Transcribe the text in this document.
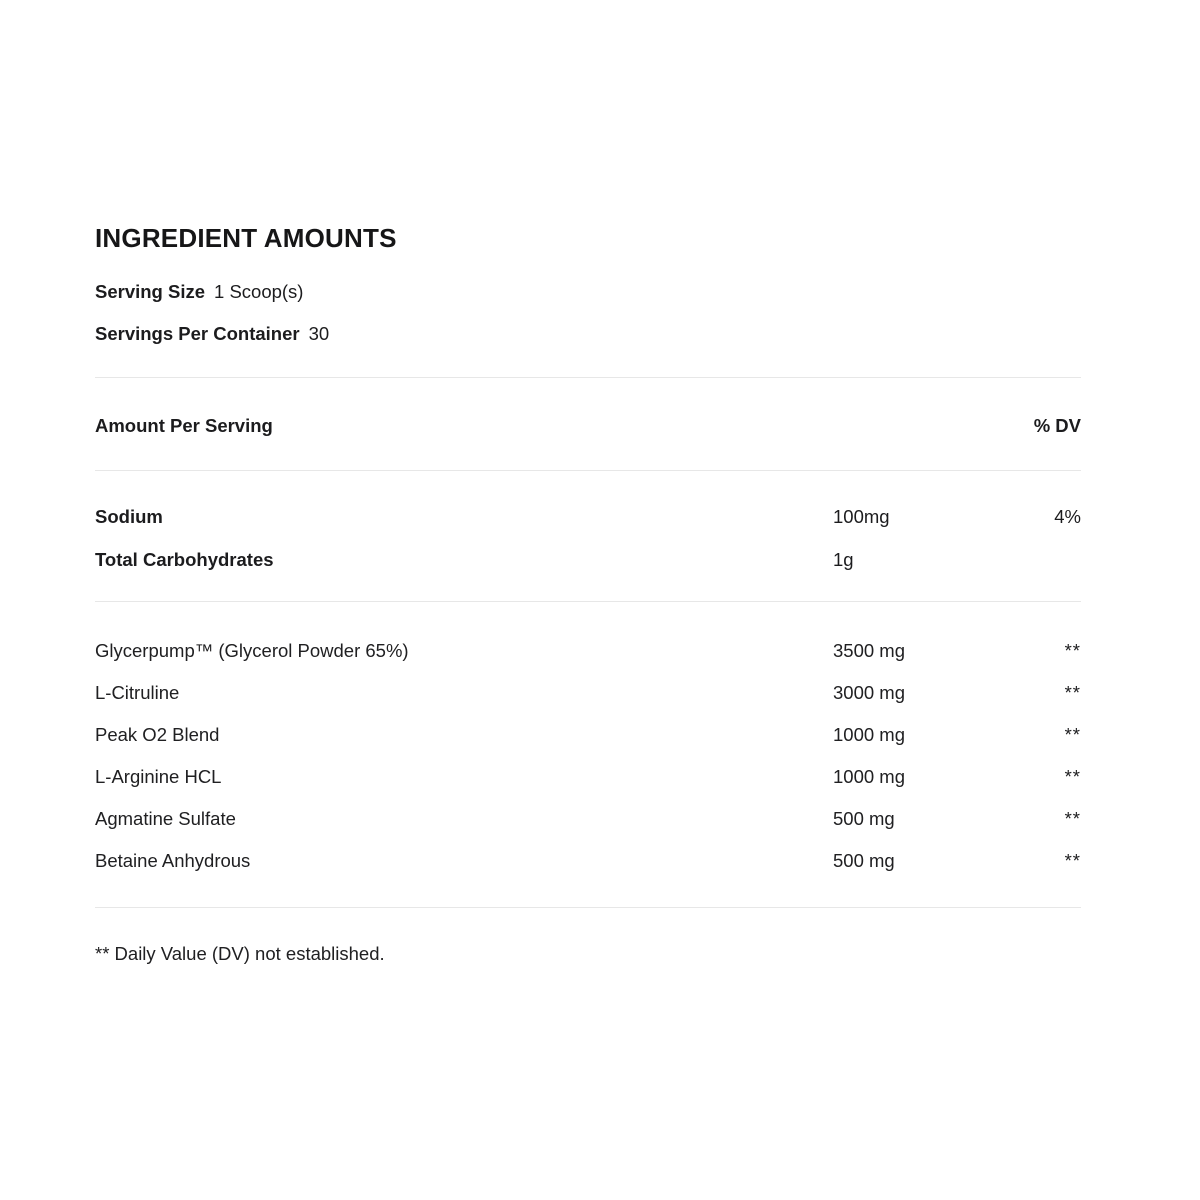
INGREDIENT AMOUNTS
Serving Size 1 Scoop(s)
Servings Per Container 30
Amount Per Serving	% DV
Sodium	100mg	4%
Total Carbohydrates	1g
Glycerpump™ (Glycerol Powder 65%)	3500 mg	**
L-Citruline	3000 mg	**
Peak O2 Blend	1000 mg	**
L-Arginine HCL	1000 mg	**
Agmatine Sulfate	500 mg	**
Betaine Anhydrous	500 mg	**

** Daily Value (DV) not established.
